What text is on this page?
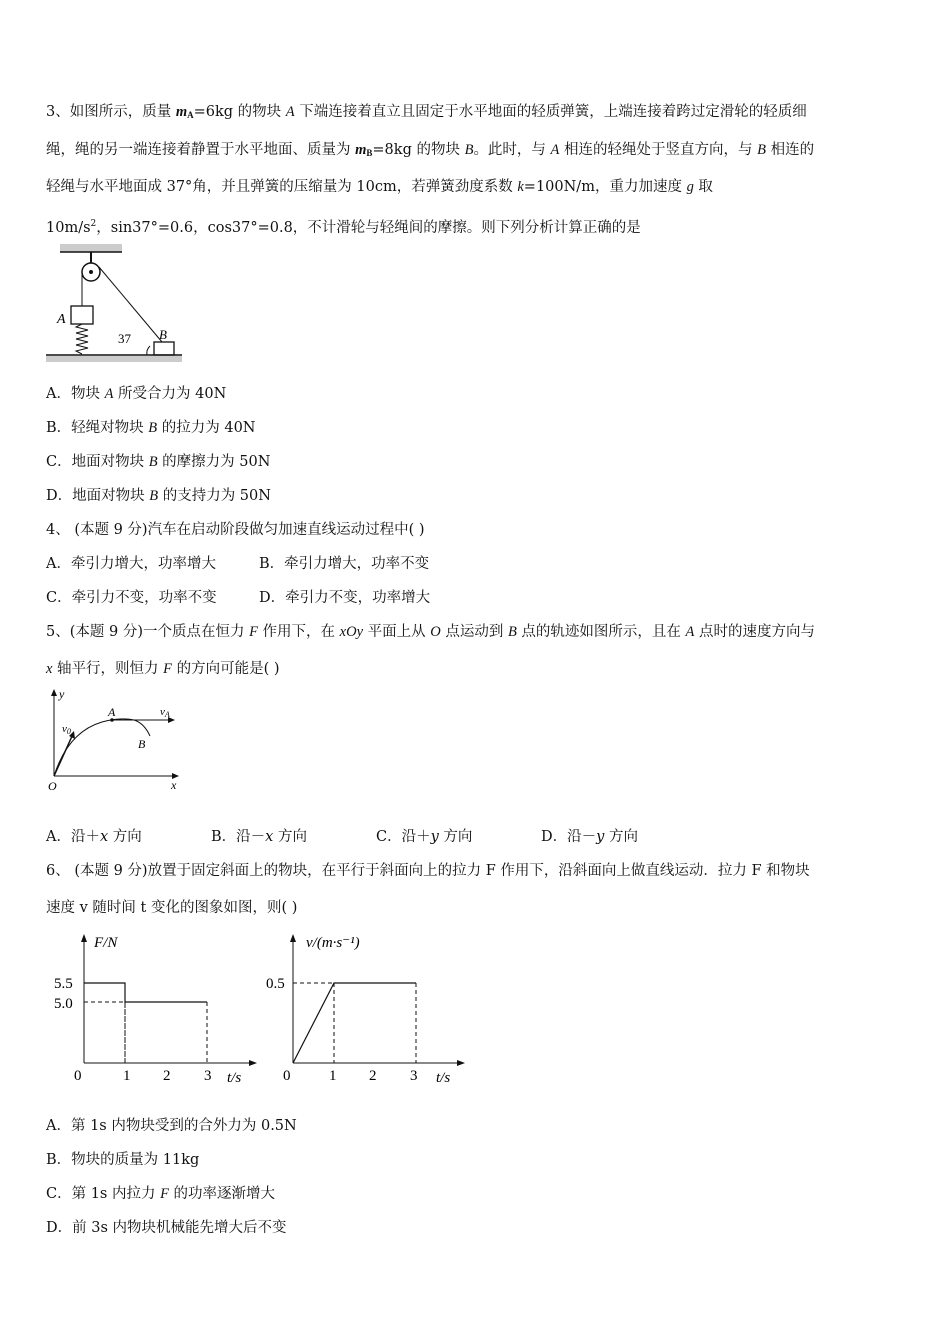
3、如图所示，质量 $m_A=6kg$ 的物块 A 下端连接着直立且固定于水平地面的轻质弹簧，上端连接着跨过定滑轮的轻质细
绳，绳的另一端连接着静置于水平地面、质量为 $m_B=8kg$ 的物块 B。此时，与 A 相连的轻绳处于竖直方向，与 B 相连的
轻绳与水平地面成 37°角，并且弹簧的压缩量为 10cm，若弹簧劲度系数 k=100N/m，重力加速度 g 取
$10m/s^2$，sin37°=0.6，cos37°=0.8，不计滑轮与轻绳间的摩擦。则下列分析计算正确的是
A
B
37
A．物块 A 所受合力为 40N
B．轻绳对物块 B 的拉力为 40N
C．地面对物块 B 的摩擦力为 50N
D．地面对物块 B 的支持力为 50N
4、 (本题 9 分)汽车在启动阶段做匀加速直线运动过程中( )
A．牵引力增大，功率增大	B．牵引力增大，功率不变
C．牵引力不变，功率不变	D．牵引力不变，功率增大
5、(本题 9 分)一个质点在恒力 F 作用下，在 xOy 平面上从 O 点运动到 B 点的轨迹如图所示，且在 A 点时的速度方向与
x 轴平行，则恒力 F 的方向可能是( )
y
x
O
v0
A	vA
B
A．沿＋x 方向	B．沿－x 方向	C．沿＋y 方向	D．沿－y 方向
6、 (本题 9 分)放置于固定斜面上的物块，在平行于斜面向上的拉力 F 作用下，沿斜面向上做直线运动．拉力 F 和物块
速度 v 随时间 t 变化的图象如图，则( )
F/N
t/s
0	1 2 3
5.5
5.0
v/(m·s⁻¹)
t/s
0	1 2 3
0.5
A．第 1s 内物块受到的合外力为 0.5N
B．物块的质量为 11kg
C．第 1s 内拉力 F 的功率逐渐增大
D．前 3s 内物块机械能先增大后不变
